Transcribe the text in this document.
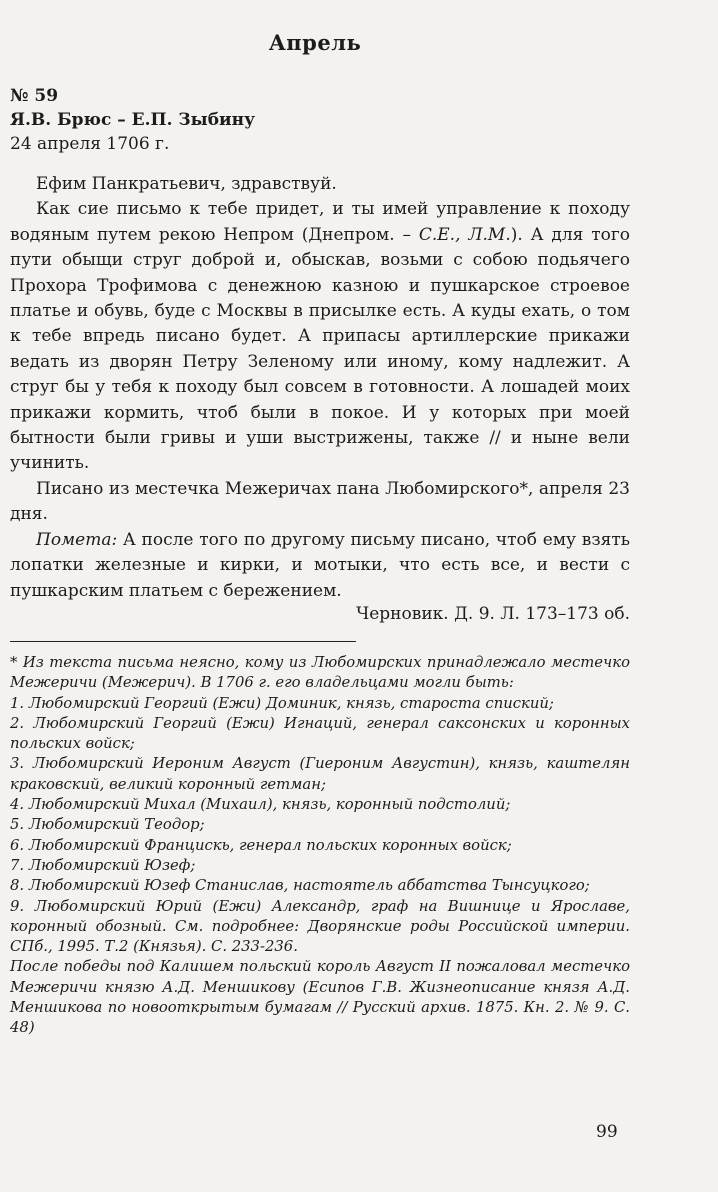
Апрель
№ 59
Я.В. Брюс – Е.П. Зыбину
24 апреля 1706 г.

Ефим Панкратьевич, здравствуй.

Как сие письмо к тебе придет, и ты имей управление к походу водяным путем рекою Непром (Днепром. – С.Е., Л.М.). А для того пути обыщи струг доброй и, обыскав, возьми с собою подьячего Прохора Трофимова с денежною казною и пушкарское строевое платье и обувь, буде с Москвы в присылке есть. А куды ехать, о том к тебе впредь писано будет. А припасы артиллерские прикажи ведать из дворян Петру Зеленому или иному, кому надлежит. А струг бы у тебя к походу был совсем в готовности. А лошадей моих прикажи кормить, чтоб были в покое. И у которых при моей бытности были гривы и уши выстрижены, также // и ныне вели учинить.

Писано из местечка Межеричах пана Любомирского*, апреля 23 дня.

Помета: А после того по другому письму писано, чтоб ему взять лопатки железные и кирки, и мотыки, что есть все, и вести с пушкарским платьем с бережением.

Черновик. Д. 9. Л. 173–173 об.

* Из текста письма неясно, кому из Любомирских принадлежало местечко Межеричи (Межерич). В 1706 г. его владельцами могли быть:

1. Любомирский Георгий (Ежи) Доминик, князь, староста спиский;

2. Любомирский Георгий (Ежи) Игнаций, генерал саксонских и коронных польских войск;

3. Любомирский Иероним Август (Гиероним Августин), князь, каштелян краковский, великий коронный гетман;

4. Любомирский Михал (Михаил), князь, коронный подстолий;

5. Любомирский Теодор;

6. Любомирский Францискь, генерал польских коронных войск;

7. Любомирский Юзеф;

8. Любомирский Юзеф Станислав, настоятель аббатства Тынсуцкого;

9. Любомирский Юрий (Ежи) Александр, граф на Вишнице и Ярославе, коронный обозный. См. подробнее: Дворянские роды Российской империи. СПб., 1995. Т.2 (Князья). С. 233-236.

После победы под Калишем польский король Август II пожаловал местечко Межеричи князю А.Д. Меншикову (Есипов Г.В. Жизнеописание князя А.Д. Меншикова по новооткрытым бумагам // Русский архив. 1875. Кн. 2. № 9. С. 48)

99
